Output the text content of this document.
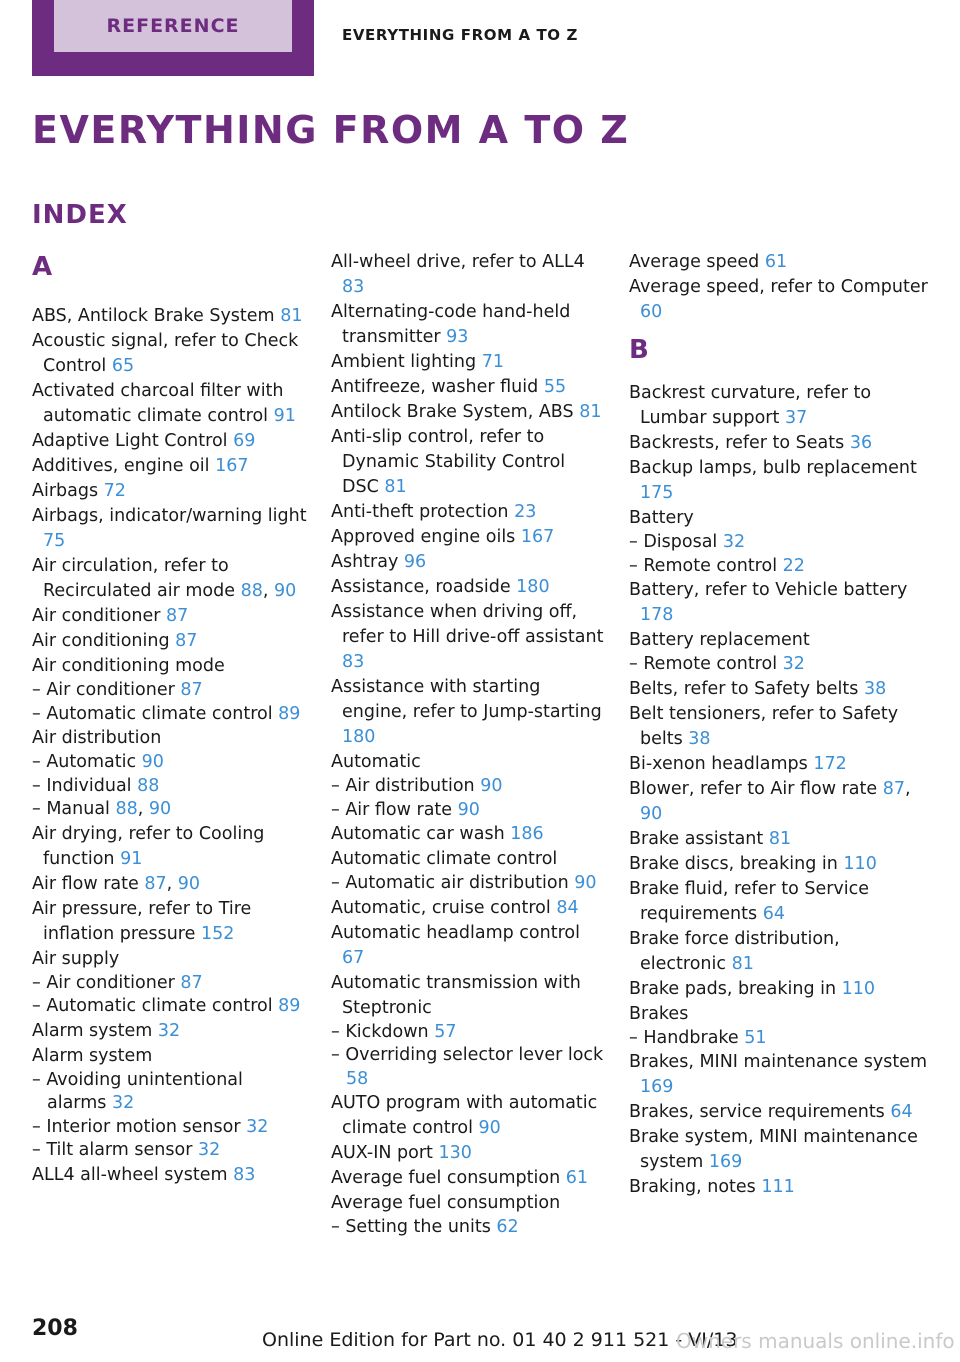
REFERENCE	EVERYTHING FROM A TO Z
EVERYTHING FROM A TO Z
INDEX
A
ABS, Antilock Brake System 81
Acoustic signal, refer to Check Control 65
Activated charcoal filter with automatic climate control 91
Adaptive Light Control 69
Additives, engine oil 167
Airbags 72
Airbags, indicator/warning light 75
Air circulation, refer to Recirculated air mode 88, 90
Air conditioner 87
Air conditioning 87
Air conditioning mode
– Air conditioner 87
– Automatic climate control 89
Air distribution
– Automatic 90
– Individual 88
– Manual 88, 90
Air drying, refer to Cooling function 91
Air flow rate 87, 90
Air pressure, refer to Tire inflation pressure 152
Air supply
– Air conditioner 87
– Automatic climate control 89
Alarm system 32
Alarm system
– Avoiding unintentional alarms 32
– Interior motion sensor 32
– Tilt alarm sensor 32
ALL4 all-wheel system 83
All-wheel drive, refer to ALL4 83
Alternating-code hand-held transmitter 93
Ambient lighting 71
Antifreeze, washer fluid 55
Antilock Brake System, ABS 81
Anti-slip control, refer to Dynamic Stability Control DSC 81
Anti-theft protection 23
Approved engine oils 167
Ashtray 96
Assistance, roadside 180
Assistance when driving off, refer to Hill drive-off assistant 83
Assistance with starting engine, refer to Jump-starting 180
Automatic
– Air distribution 90
– Air flow rate 90
Automatic car wash 186
Automatic climate control
– Automatic air distribution 90
Automatic, cruise control 84
Automatic headlamp control 67
Automatic transmission with Steptronic
– Kickdown 57
– Overriding selector lever lock 58
AUTO program with automatic climate control 90
AUX-IN port 130
Average fuel consumption 61
Average fuel consumption
– Setting the units 62
Average speed 61
Average speed, refer to Computer 60
B
Backrest curvature, refer to Lumbar support 37
Backrests, refer to Seats 36
Backup lamps, bulb replacement 175
Battery
– Disposal 32
– Remote control 22
Battery, refer to Vehicle battery 178
Battery replacement
– Remote control 32
Belts, refer to Safety belts 38
Belt tensioners, refer to Safety belts 38
Bi-xenon headlamps 172
Blower, refer to Air flow rate 87, 90
Brake assistant 81
Brake discs, breaking in 110
Brake fluid, refer to Service requirements 64
Brake force distribution, electronic 81
Brake pads, breaking in 110
Brakes
– Handbrake 51
Brakes, MINI maintenance system 169
Brakes, service requirements 64
Brake system, MINI maintenance system 169
Braking, notes 111
208	Online Edition for Part no. 01 40 2 911 521 - VI/13
Owners manuals online.info
